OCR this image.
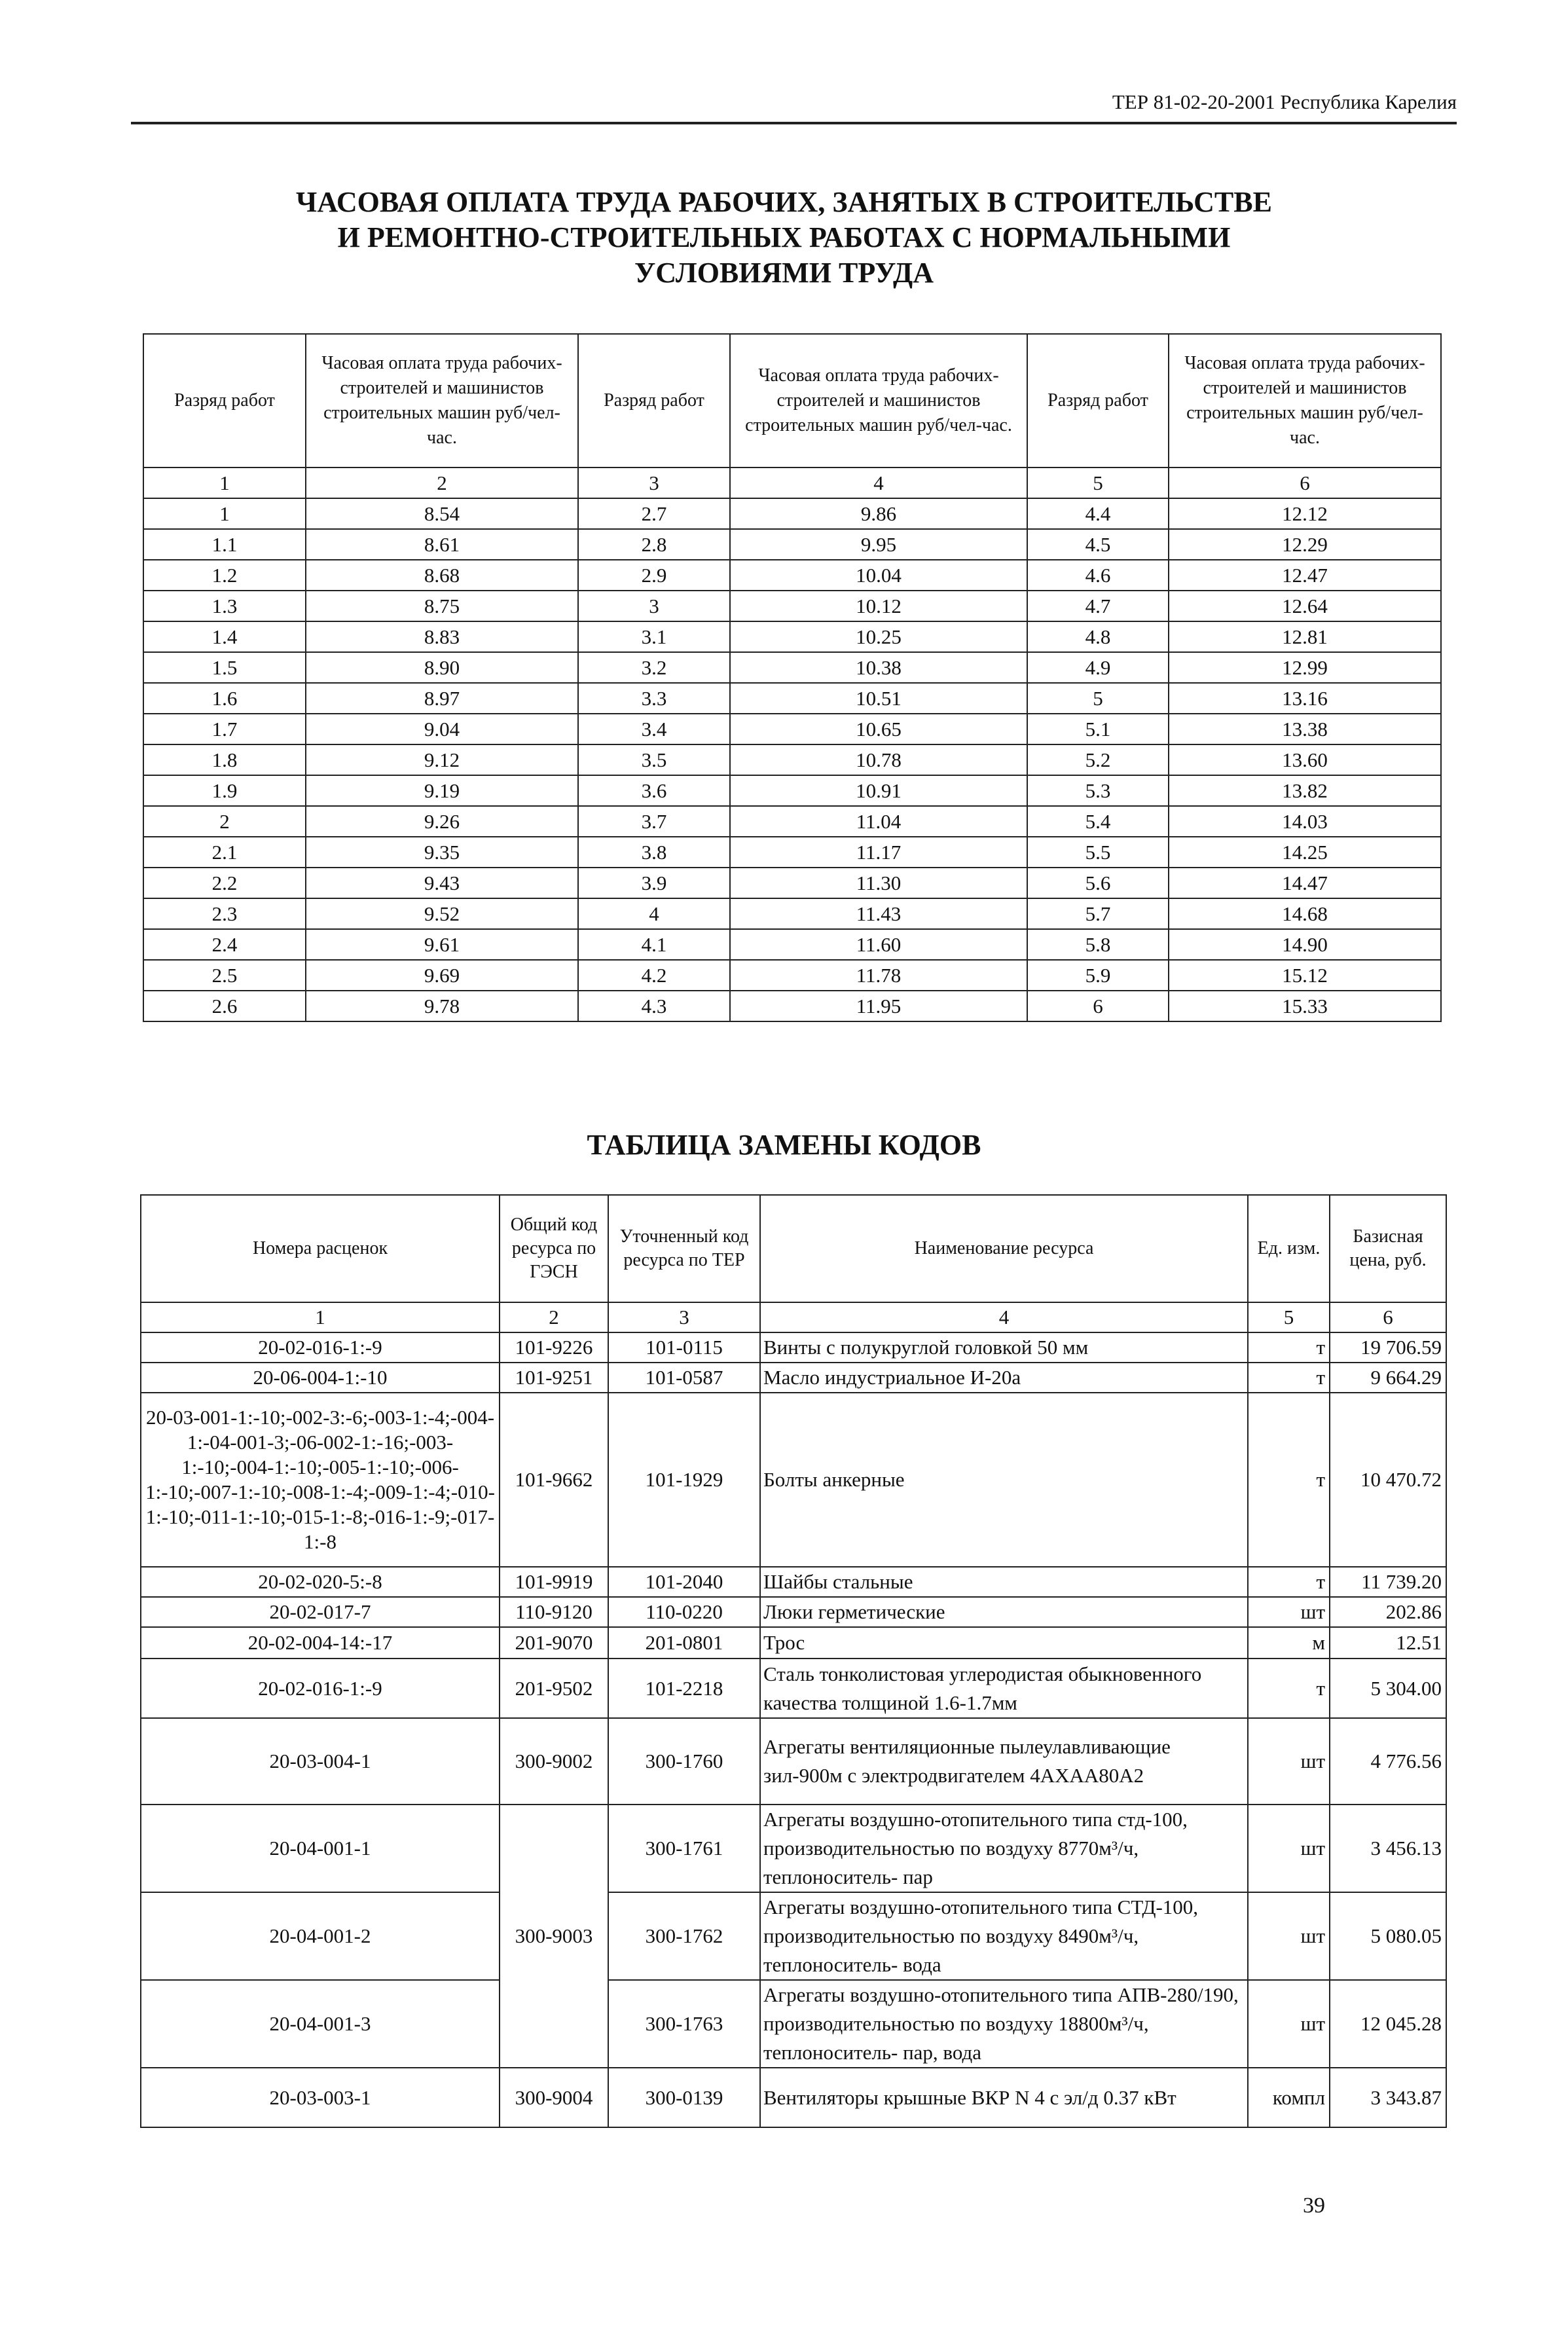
ТЕР 81-02-20-2001 Республика Карелия
ЧАСОВАЯ ОПЛАТА ТРУДА РАБОЧИХ, ЗАНЯТЫХ В СТРОИТЕЛЬСТВЕ
И РЕМОНТНО-СТРОИТЕЛЬНЫХ РАБОТАХ С НОРМАЛЬНЫМИ
УСЛОВИЯМИ ТРУДА
Разряд работ	Часовая оплата труда рабочих-строителей и машинистов строительных машин руб/чел-час.	Разряд работ	Часовая оплата труда рабочих-строителей и машинистов строительных машин руб/чел-час.	Разряд работ	Часовая оплата труда рабочих-строителей и машинистов строительных машин руб/чел-час.
1	2	3	4	5	6
1	8.54	2.7	9.86	4.4	12.12
1.1	8.61	2.8	9.95	4.5	12.29
1.2	8.68	2.9	10.04	4.6	12.47
1.3	8.75	3	10.12	4.7	12.64
1.4	8.83	3.1	10.25	4.8	12.81
1.5	8.90	3.2	10.38	4.9	12.99
1.6	8.97	3.3	10.51	5	13.16
1.7	9.04	3.4	10.65	5.1	13.38
1.8	9.12	3.5	10.78	5.2	13.60
1.9	9.19	3.6	10.91	5.3	13.82
2	9.26	3.7	11.04	5.4	14.03
2.1	9.35	3.8	11.17	5.5	14.25
2.2	9.43	3.9	11.30	5.6	14.47
2.3	9.52	4	11.43	5.7	14.68
2.4	9.61	4.1	11.60	5.8	14.90
2.5	9.69	4.2	11.78	5.9	15.12
2.6	9.78	4.3	11.95	6	15.33
ТАБЛИЦА ЗАМЕНЫ КОДОВ
Номера расценок	Общий код ресурса по ГЭСН	Уточненный код ресурса по ТЕР	Наименование ресурса	Ед. изм.	Базисная цена, руб.
1	2	3	4	5	6
20-02-016-1:-9	101-9226	101-0115	Винты с полукруглой головкой 50 мм	т	19 706.59
20-06-004-1:-10	101-9251	101-0587	Масло индустриальное И-20а	т	9 664.29
20-03-001-1:-10;-002-3:-6;-003-1:-4;-004-1:-04-001-3;-06-002-1:-16;-003-1:-10;-004-1:-10;-005-1:-10;-006-1:-10;-007-1:-10;-008-1:-4;-009-1:-4;-010-1:-10;-011-1:-10;-015-1:-8;-016-1:-9;-017-1:-8	101-9662	101-1929	Болты анкерные	т	10 470.72
20-02-020-5:-8	101-9919	101-2040	Шайбы стальные	т	11 739.20
20-02-017-7	110-9120	110-0220	Люки герметические	шт	202.86
20-02-004-14:-17	201-9070	201-0801	Трос	м	12.51
20-02-016-1:-9	201-9502	101-2218	Сталь тонколистовая углеродистая обыкновенного качества толщиной 1.6-1.7мм	т	5 304.00
20-03-004-1	300-9002	300-1760	Агрегаты вентиляционные пылеулавливающие зил-900м с электродвигателем 4АХАА80А2	шт	4 776.56
20-04-001-1	300-9003	300-1761	Агрегаты воздушно-отопительного типа стд-100, производительностью по воздуху 8770м³/ч, теплоноситель- пар	шт	3 456.13
20-04-001-2		300-1762	Агрегаты воздушно-отопительного типа СТД-100, производительностью по воздуху 8490м³/ч, теплоноситель- вода	шт	5 080.05
20-04-001-3		300-1763	Агрегаты воздушно-отопительного типа АПВ-280/190, производительностью по воздуху 18800м³/ч, теплоноситель- пар, вода	шт	12 045.28
20-03-003-1	300-9004	300-0139	Вентиляторы крышные ВКР N 4 с эл/д 0.37 кВт	компл	3 343.87
39
